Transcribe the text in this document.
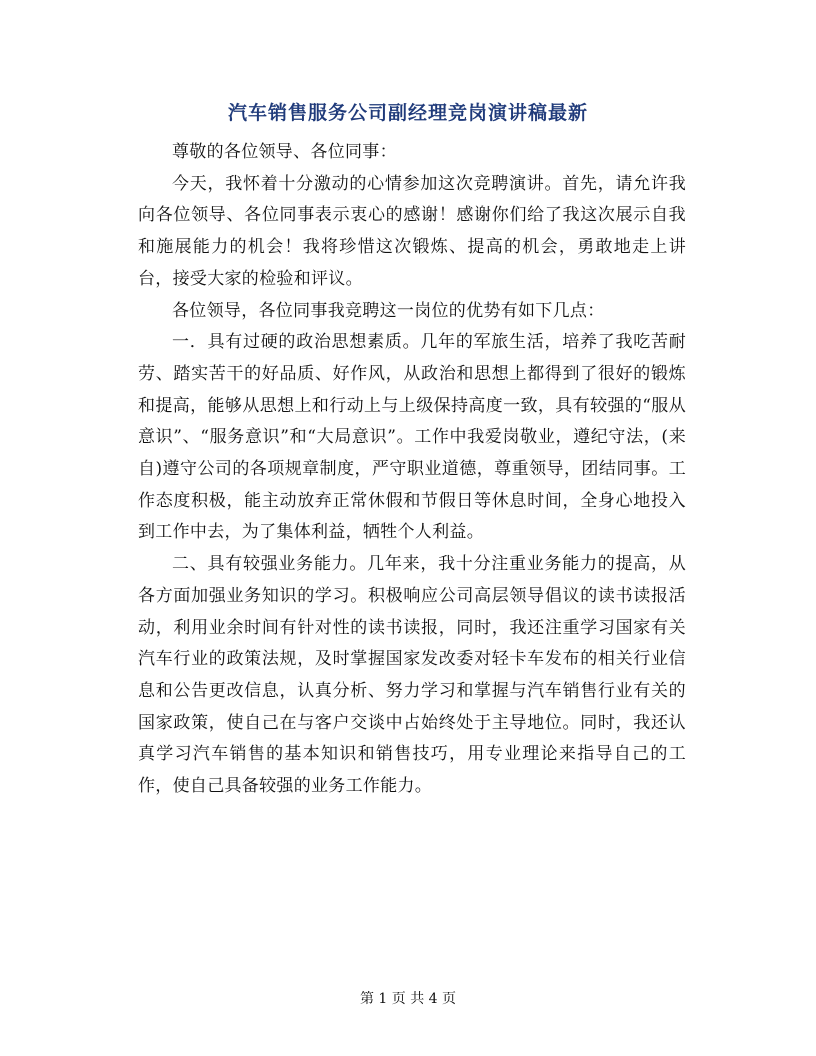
汽车销售服务公司副经理竞岗演讲稿最新

尊敬的各位领导、各位同事：

今天，我怀着十分激动的心情参加这次竞聘演讲。首先，请允许我向各位领导、各位同事表示衷心的感谢！感谢你们给了我这次展示自我和施展能力的机会！我将珍惜这次锻炼、提高的机会，勇敢地走上讲台，接受大家的检验和评议。

各位领导，各位同事我竞聘这一岗位的优势有如下几点：

一．具有过硬的政治思想素质。几年的军旅生活，培养了我吃苦耐劳、踏实苦干的好品质、好作风，从政治和思想上都得到了很好的锻炼和提高，能够从思想上和行动上与上级保持高度一致，具有较强的“服从意识”、“服务意识”和“大局意识”。工作中我爱岗敬业，遵纪守法，(来自)遵守公司的各项规章制度，严守职业道德，尊重领导，团结同事。工作态度积极，能主动放弃正常休假和节假日等休息时间，全身心地投入到工作中去，为了集体利益，牺牲个人利益。

二、具有较强业务能力。几年来，我十分注重业务能力的提高，从各方面加强业务知识的学习。积极响应公司高层领导倡议的读书读报活动，利用业余时间有针对性的读书读报，同时，我还注重学习国家有关汽车行业的政策法规，及时掌握国家发改委对轻卡车发布的相关行业信息和公告更改信息，认真分析、努力学习和掌握与汽车销售行业有关的国家政策，使自己在与客户交谈中占始终处于主导地位。同时，我还认真学习汽车销售的基本知识和销售技巧，用专业理论来指导自己的工作，使自己具备较强的业务工作能力。

第 1 页 共 4 页
